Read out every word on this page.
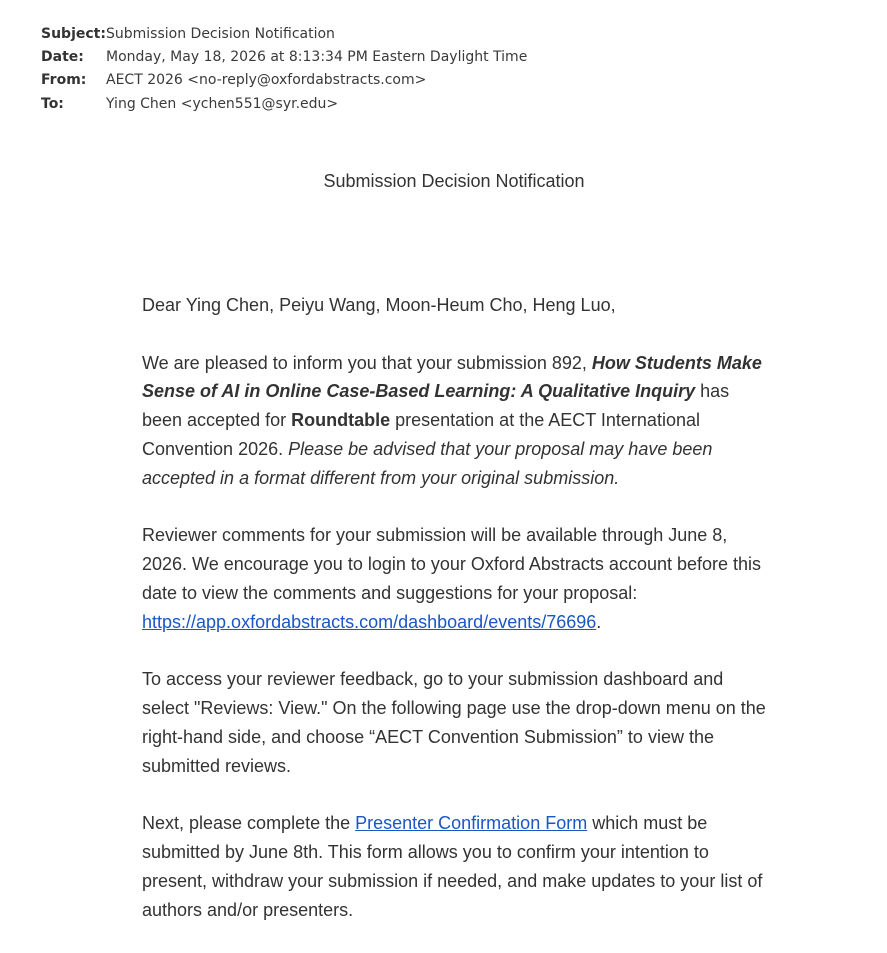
Subject: Submission Decision Notification
Date:	Monday, May 18, 2026 at 8:13:34 PM Eastern Daylight Time
From:	AECT 2026 <no-reply@oxfordabstracts.com>
To:	Ying Chen <ychen551@syr.edu>
Submission Decision Notification

Dear Ying Chen, Peiyu Wang, Moon-Heum Cho, Heng Luo,

We are pleased to inform you that your submission 892, How Students Make Sense of AI in Online Case-Based Learning: A Qualitative Inquiry has been accepted for Roundtable presentation at the AECT International Convention 2026. Please be advised that your proposal may have been accepted in a format different from your original submission.

Reviewer comments for your submission will be available through June 8, 2026. We encourage you to login to your Oxford Abstracts account before this date to view the comments and suggestions for your proposal: https://app.oxfordabstracts.com/dashboard/events/76696.

To access your reviewer feedback, go to your submission dashboard and select "Reviews: View." On the following page use the drop-down menu on the right-hand side, and choose “AECT Convention Submission” to view the submitted reviews.

Next, please complete the Presenter Confirmation Form which must be submitted by June 8th. This form allows you to confirm your intention to present, withdraw your submission if needed, and make updates to your list of authors and/or presenters.
